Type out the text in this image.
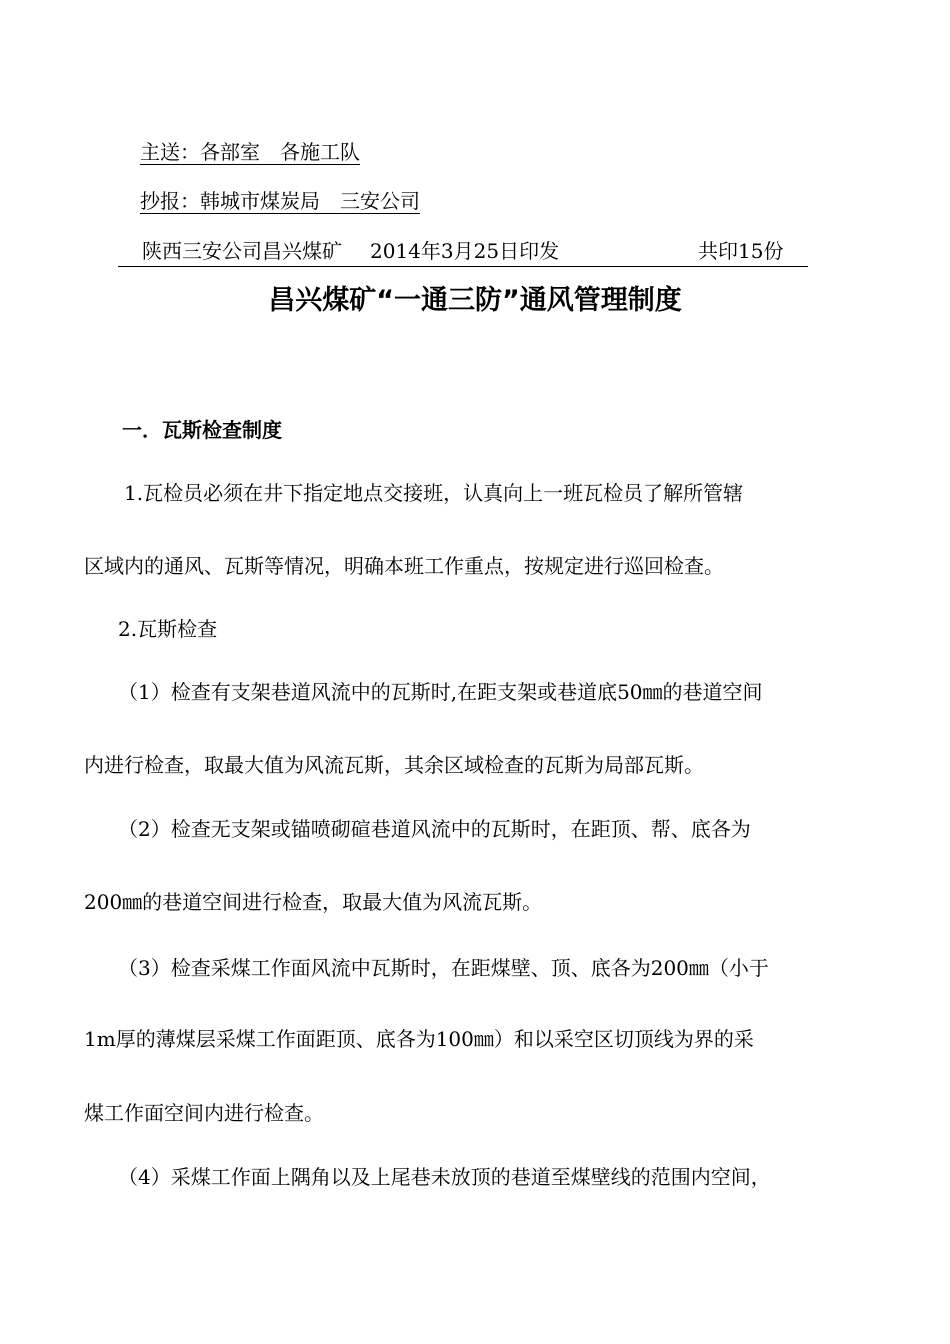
主送：各部室　各施工队
抄报：韩城市煤炭局　三安公司
陕西三安公司昌兴煤矿 2014年3月25日印发	共印15份
昌兴煤矿“一通三防”通风管理制度
一．瓦斯检查制度
1.瓦检员必须在井下指定地点交接班，认真向上一班瓦检员了解所管辖
区域内的通风、瓦斯等情况，明确本班工作重点，按规定进行巡回检查。
2.瓦斯检查
（1）检查有支架巷道风流中的瓦斯时,在距支架或巷道底50㎜的巷道空间
内进行检查，取最大值为风流瓦斯，其余区域检查的瓦斯为局部瓦斯。
（2）检查无支架或锚喷砌碹巷道风流中的瓦斯时，在距顶、帮、底各为
200㎜的巷道空间进行检查，取最大值为风流瓦斯。
（3）检查采煤工作面风流中瓦斯时，在距煤壁、顶、底各为200㎜（小于
1m厚的薄煤层采煤工作面距顶、底各为100㎜）和以采空区切顶线为界的采
煤工作面空间内进行检查。
（4）采煤工作面上隅角以及上尾巷未放顶的巷道至煤壁线的范围内空间，
